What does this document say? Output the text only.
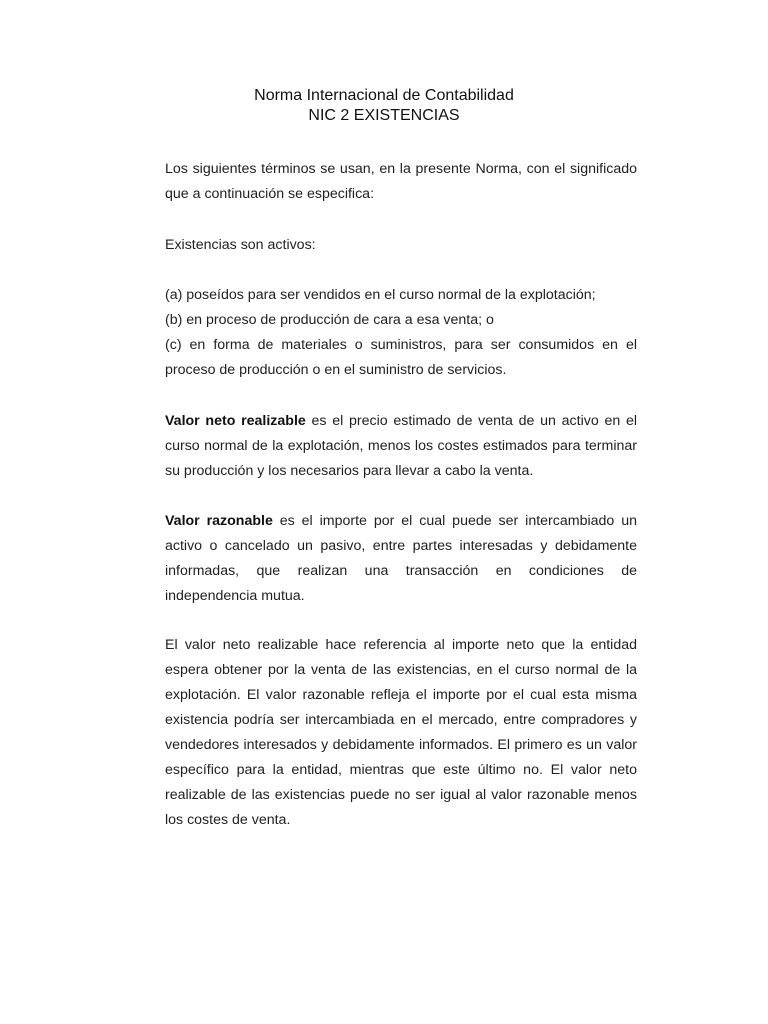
Norma Internacional de Contabilidad
NIC 2 EXISTENCIAS
Los siguientes términos se usan, en la presente Norma, con el significado
que a continuación se especifica:
Existencias son activos:
(a) poseídos para ser vendidos en el curso normal de la explotación;
(b) en proceso de producción de cara a esa venta; o
(c) en forma de materiales o suministros, para ser consumidos en el
proceso de producción o en el suministro de servicios.
Valor neto realizable es el precio estimado de venta de un activo en el
curso normal de la explotación, menos los costes estimados para terminar
su producción y los necesarios para llevar a cabo la venta.
Valor razonable es el importe por el cual puede ser intercambiado un
activo o cancelado un pasivo, entre partes interesadas y debidamente
informadas, que realizan una transacción en condiciones de
independencia mutua.
El valor neto realizable hace referencia al importe neto que la entidad
espera obtener por la venta de las existencias, en el curso normal de la
explotación. El valor razonable refleja el importe por el cual esta misma
existencia podría ser intercambiada en el mercado, entre compradores y
vendedores interesados y debidamente informados. El primero es un valor
específico para la entidad, mientras que este último no. El valor neto
realizable de las existencias puede no ser igual al valor razonable menos
los costes de venta.
